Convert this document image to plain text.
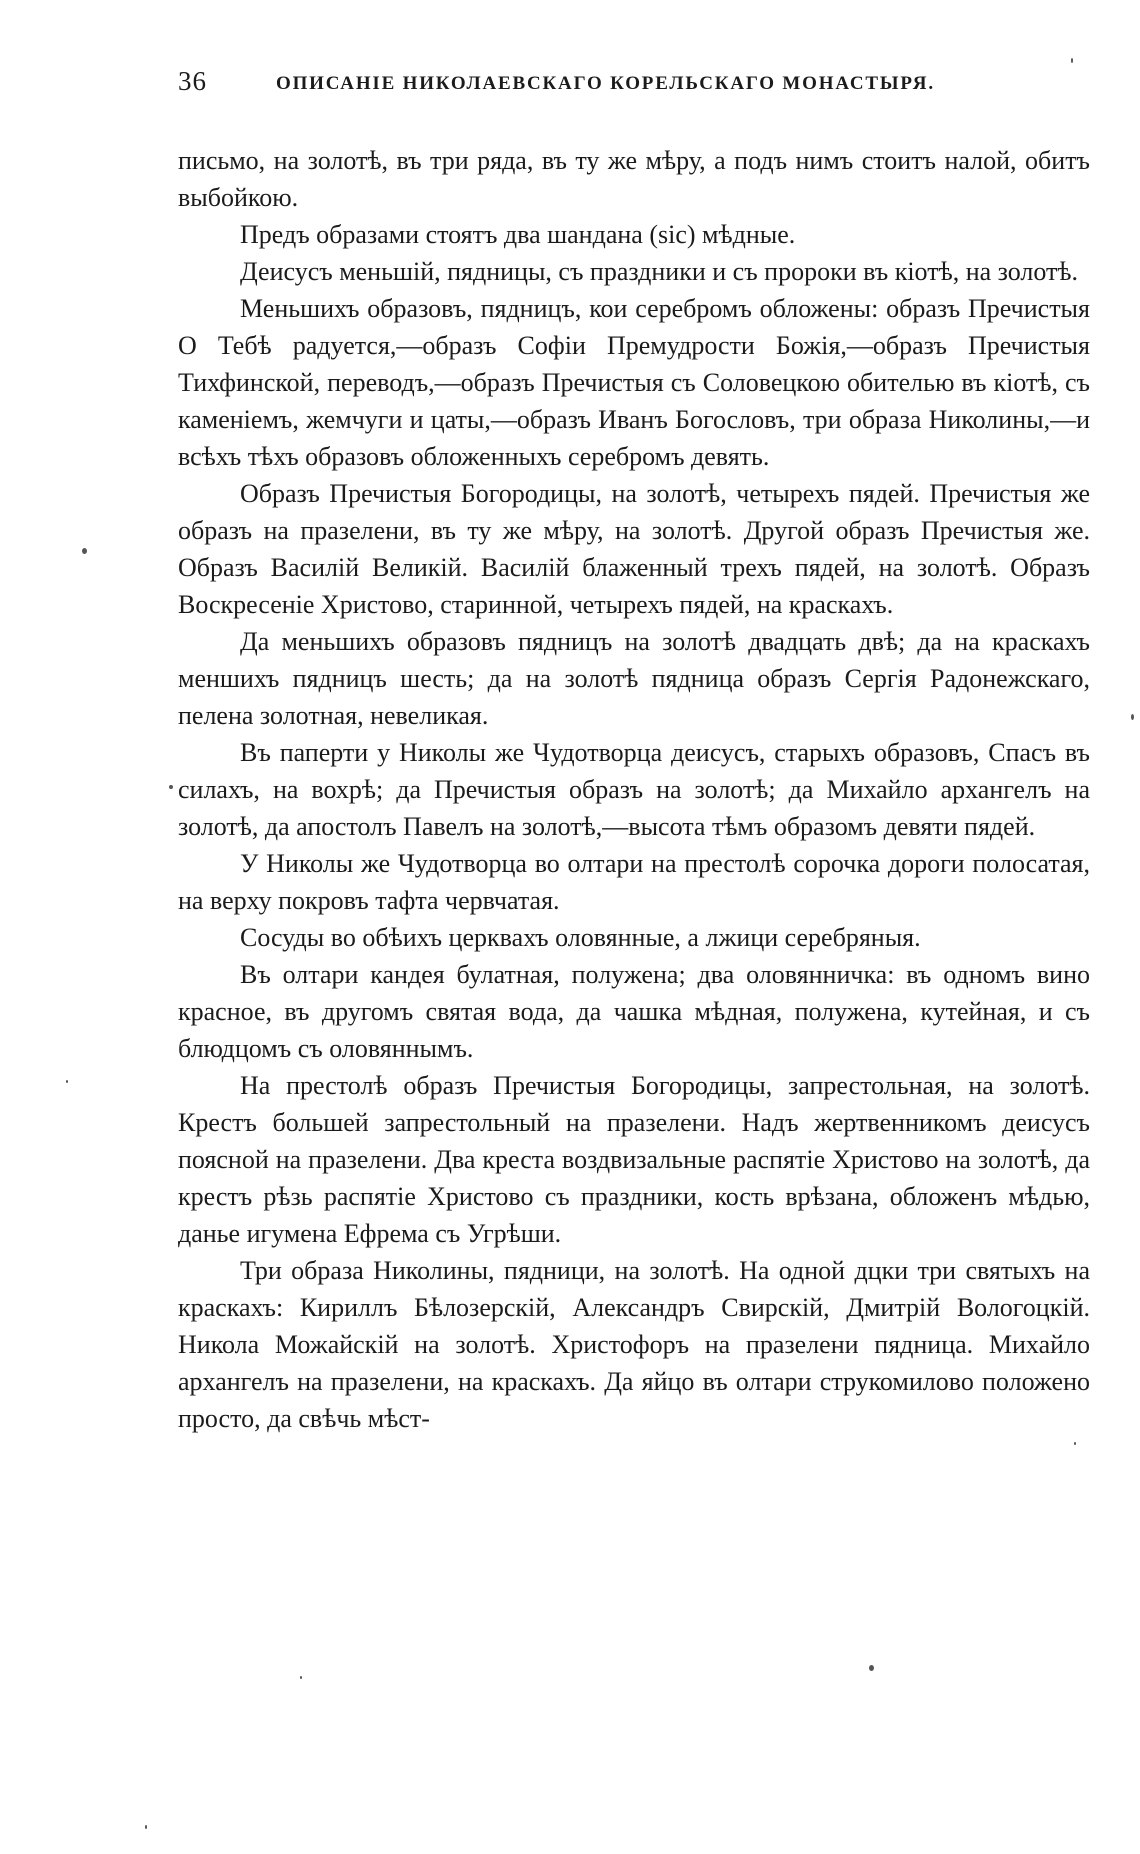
36	ОПИСАНІЕ НИКОЛАЕВСКАГО КОРЕЛЬСКАГО МОНАСТЫРЯ.

письмо, на золотѣ, въ три ряда, въ ту же мѣру, а подъ нимъ стоитъ налой, обитъ выбойкою.

Предъ образами стоятъ два шандана (sic) мѣдные.

Деисусъ меньшій, пядницы, съ праздники и съ пророки въ кіотѣ, на золотѣ.

Меньшихъ образовъ, пядницъ, кои серебромъ обложены: образъ Пречистыя О Тебѣ радуется,—образъ Софіи Премудрости Божія,—образъ Пречистыя Тихфинской, переводъ,—образъ Пречистыя съ Соловецкою обителью въ кіотѣ, съ каменіемъ, жемчуги и цаты,—образъ Иванъ Богословъ, три образа Николины,—и всѣхъ тѣхъ образовъ обложенныхъ серебромъ девять.

Образъ Пречистыя Богородицы, на золотѣ, четырехъ пядей. Пречистыя же образъ на празелени, въ ту же мѣру, на золотѣ. Другой образъ Пречистыя же. Образъ Василій Великій. Василій блаженный трехъ пядей, на золотѣ. Образъ Воскресеніе Христово, старинной, четырехъ пядей, на краскахъ.

Да меньшихъ образовъ пядницъ на золотѣ двадцать двѣ; да на краскахъ меншихъ пядницъ шесть; да на золотѣ пядница образъ Сергія Радонежскаго, пелена золотная, невеликая.

Въ паперти у Николы же Чудотворца деисусъ, старыхъ образовъ, Спасъ въ силахъ, на вохрѣ; да Пречистыя образъ на золотѣ; да Михайло архангелъ на золотѣ, да апостолъ Павелъ на золотѣ,—высота тѣмъ образомъ девяти пядей.

У Николы же Чудотворца во олтари на престолѣ сорочка дороги полосатая, на верху покровъ тафта червчатая.

Сосуды во обѣихъ церквахъ оловянные, а лжици серебряныя.

Въ олтари кандея булатная, полужена; два оловянничка: въ одномъ вино красное, въ другомъ святая вода, да чашка мѣдная, полужена, кутейная, и съ блюдцомъ съ оловяннымъ.

На престолѣ образъ Пречистыя Богородицы, запрестольная, на золотѣ. Крестъ большей запрестольный на празелени. Надъ жертвенникомъ деисусъ поясной на празелени. Два креста воздвизальные распятіе Христово на золотѣ, да крестъ рѣзь распятіе Христово съ праздники, кость врѣзана, обложенъ мѣдью, данье игумена Ефрема съ Угрѣши.

Три образа Николины, пядници, на золотѣ. На одной дцки три святыхъ на краскахъ: Кириллъ Бѣлозерскій, Александръ Свирскій, Дмитрій Вологоцкій. Никола Можайскій на золотѣ. Христофоръ на празелени пядница. Михайло архангелъ на празелени, на краскахъ. Да яйцо въ олтари струкомилово положено просто, да свѣчь мѣст-
